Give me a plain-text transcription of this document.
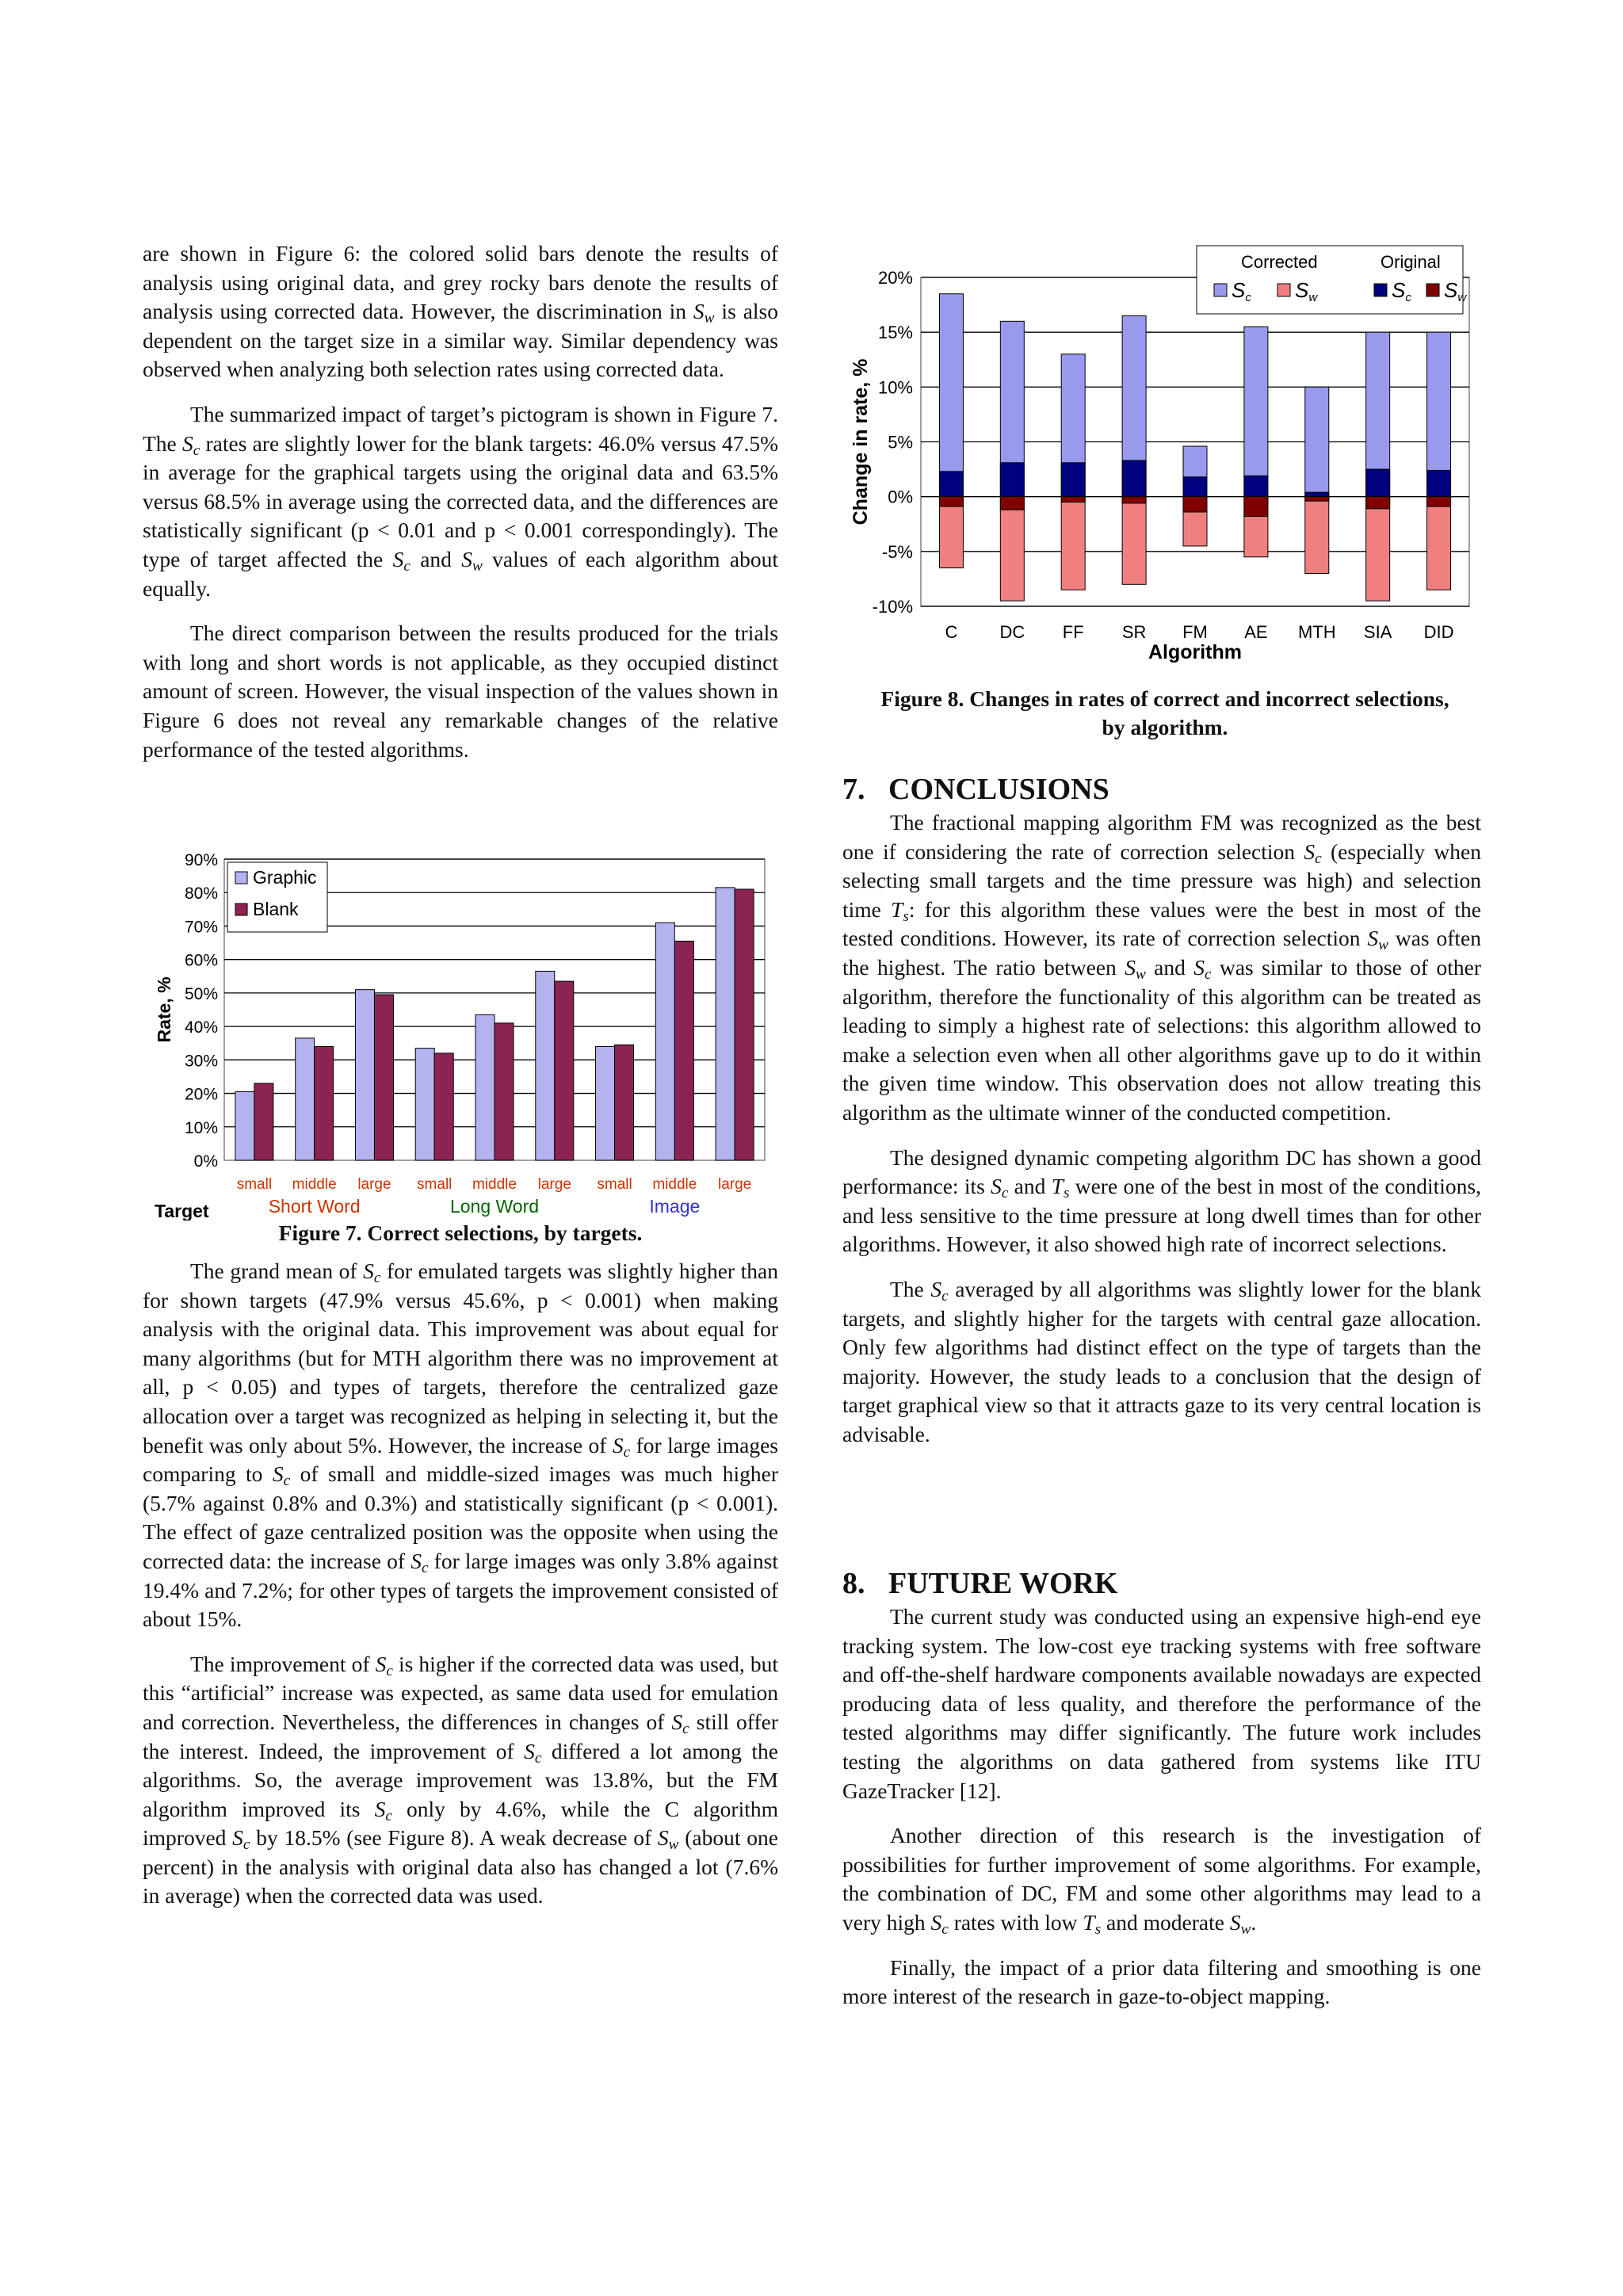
are shown in Figure 6: the colored solid bars denote the results of analysis using original data, and grey rocky bars denote the results of analysis using corrected data. However, the discrimination in $S_w$ is also dependent on the target size in a similar way. Similar dependency was observed when analyzing both selection rates using corrected data.

The summarized impact of target’s pictogram is shown in Figure 7. The $S_c$ rates are slightly lower for the blank targets: 46.0% versus 47.5% in average for the graphical targets using the original data and 63.5% versus 68.5% in average using the corrected data, and the differences are statistically significant (p < 0.01 and p < 0.001 correspondingly). The type of target affected the $S_c$ and $S_w$ values of each algorithm about equally.

The direct comparison between the results produced for the trials with long and short words is not applicable, as they occupied distinct amount of screen. However, the visual inspection of the values shown in Figure 6 does not reveal any remarkable changes of the relative performance of the tested algorithms.

0%
10%
20%
30%
40%
50%
60%
70%
80%
90%
Rate, %
small middle large small middle large small middle large
Short Word	Long Word	Image
Target
Graphic
Blank
Figure 7. Correct selections, by targets.

The grand mean of $S_c$ for emulated targets was slightly higher than for shown targets (47.9% versus 45.6%, p < 0.001) when making analysis with the original data. This improvement was about equal for many algorithms (but for MTH algorithm there was no improvement at all, p < 0.05) and types of targets, therefore the centralized gaze allocation over a target was recognized as helping in selecting it, but the benefit was only about 5%. However, the increase of $S_c$ for large images comparing to $S_c$ of small and middle-sized images was much higher (5.7% against 0.8% and 0.3%) and statistically significant (p < 0.001). The effect of gaze centralized position was the opposite when using the corrected data: the increase of $S_c$ for large images was only 3.8% against 19.4% and 7.2%; for other types of targets the improvement consisted of about 15%.

The improvement of $S_c$ is higher if the corrected data was used, but this “artificial” increase was expected, as same data used for emulation and correction. Nevertheless, the differences in changes of $S_c$ still offer the interest. Indeed, the improvement of $S_c$ differed a lot among the algorithms. So, the average improvement was 13.8%, but the FM algorithm improved its $S_c$ only by 4.6%, while the C algorithm improved $S_c$ by 18.5% (see Figure 8). A weak decrease of $S_w$ (about one percent) in the analysis with original data also has changed a lot (7.6% in average) when the corrected data was used.

-10%
-5%
0%
5%
10%
15%
20%
Change in rate, %
C DC FF SR FM AE MTH SIA DID
Algorithm
Corrected	Original
Sc Sw	Sc Sw
Figure 8. Changes in rates of correct and incorrect selections, by algorithm.
7. CONCLUSIONS

The fractional mapping algorithm FM was recognized as the best one if considering the rate of correction selection $S_c$ (especially when selecting small targets and the time pressure was high) and selection time $T_s$: for this algorithm these values were the best in most of the tested conditions. However, its rate of correction selection $S_w$ was often the highest. The ratio between $S_w$ and $S_c$ was similar to those of other algorithm, therefore the functionality of this algorithm can be treated as leading to simply a highest rate of selections: this algorithm allowed to make a selection even when all other algorithms gave up to do it within the given time window. This observation does not allow treating this algorithm as the ultimate winner of the conducted competition.

The designed dynamic competing algorithm DC has shown a good performance: its $S_c$ and $T_s$ were one of the best in most of the conditions, and less sensitive to the time pressure at long dwell times than for other algorithms. However, it also showed high rate of incorrect selections.

The $S_c$ averaged by all algorithms was slightly lower for the blank targets, and slightly higher for the targets with central gaze allocation. Only few algorithms had distinct effect on the type of targets than the majority. However, the study leads to a conclusion that the design of target graphical view so that it attracts gaze to its very central location is advisable.

8. FUTURE WORK

The current study was conducted using an expensive high-end eye tracking system. The low-cost eye tracking systems with free software and off-the-shelf hardware components available nowadays are expected producing data of less quality, and therefore the performance of the tested algorithms may differ significantly. The future work includes testing the algorithms on data gathered from systems like ITU GazeTracker [12].

Another direction of this research is the investigation of possibilities for further improvement of some algorithms. For example, the combination of DC, FM and some other algorithms may lead to a very high $S_c$ rates with low $T_s$ and moderate $S_w$.

Finally, the impact of a prior data filtering and smoothing is one more interest of the research in gaze-to-object mapping.
